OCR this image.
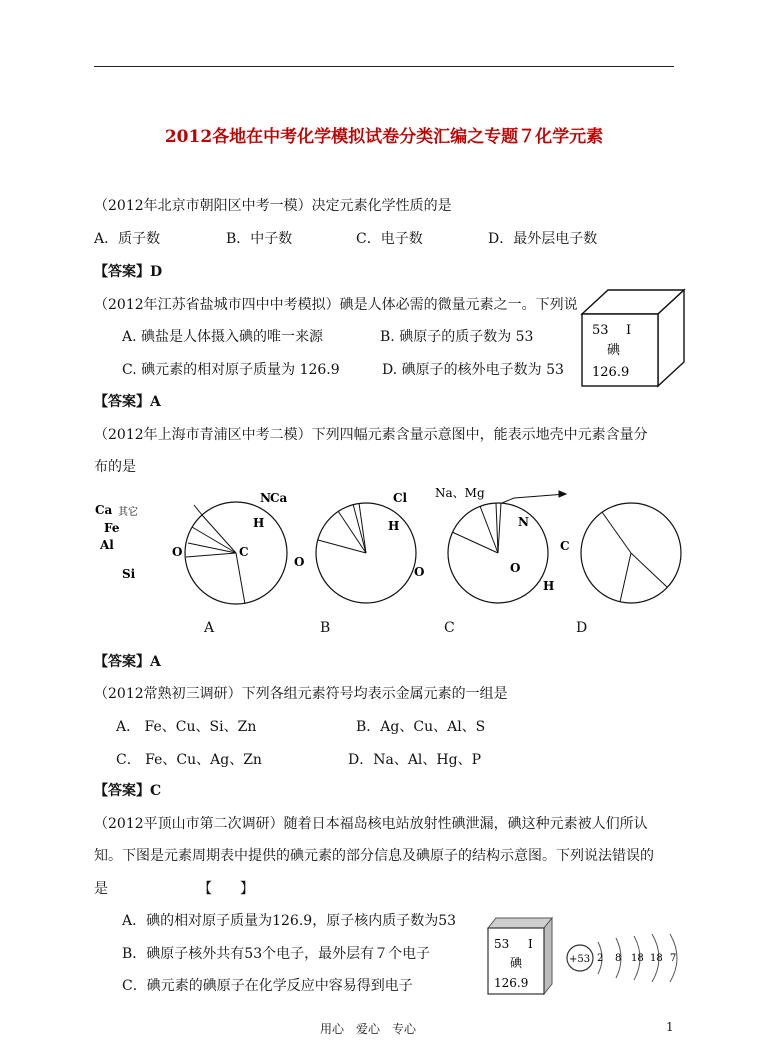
2012各地在中考化学模拟试卷分类汇编之专题７化学元素
（2012年北京市朝阳区中考一模）决定元素化学性质的是
A．质子数	B．中子数	C．电子数	D．最外层电子数
【答案】D
（2012年江苏省盐城市四中中考模拟）碘是人体必需的微量元素之一。下列说
A. 碘盐是人体摄入碘的唯一来源	B. 碘原子的质子数为 53
C. 碘元素的相对原子质量为 126.9	D. 碘原子的核外电子数为 53
【答案】A
53 I
碘
126.9
（2012年上海市青浦区中考二模）下列四幅元素含量示意图中，能表示地壳中元素含量分
布的是
Ca 其它
Fe
Al
Si
O
N Ca
H
C
O
Cl Na、Mg
H
O
N
C
O
H
A	B	C	D
【答案】A
（2012常熟初三调研）下列各组元素符号均表示金属元素的一组是
A． Fe、Cu、Si、Zn	B．Ag、Cu、Al、S
C． Fe、Cu、Ag、Zn	D．Na、Al、Hg、P
【答案】C
（2012平顶山市第二次调研）随着日本福岛核电站放射性碘泄漏，碘这种元素被人们所认
知。下图是元素周期表中提供的碘元素的部分信息及碘原子的结构示意图。下列说法错误的
是	【　　】
A．碘的相对原子质量为126.9，原子核内质子数为53
B．碘原子核外共有53个电子，最外层有７个电子
C．碘元素的碘原子在化学反应中容易得到电子
53 I
碘
126.9
+53 2 8 18 18 7
用心　爱心　专心	1
